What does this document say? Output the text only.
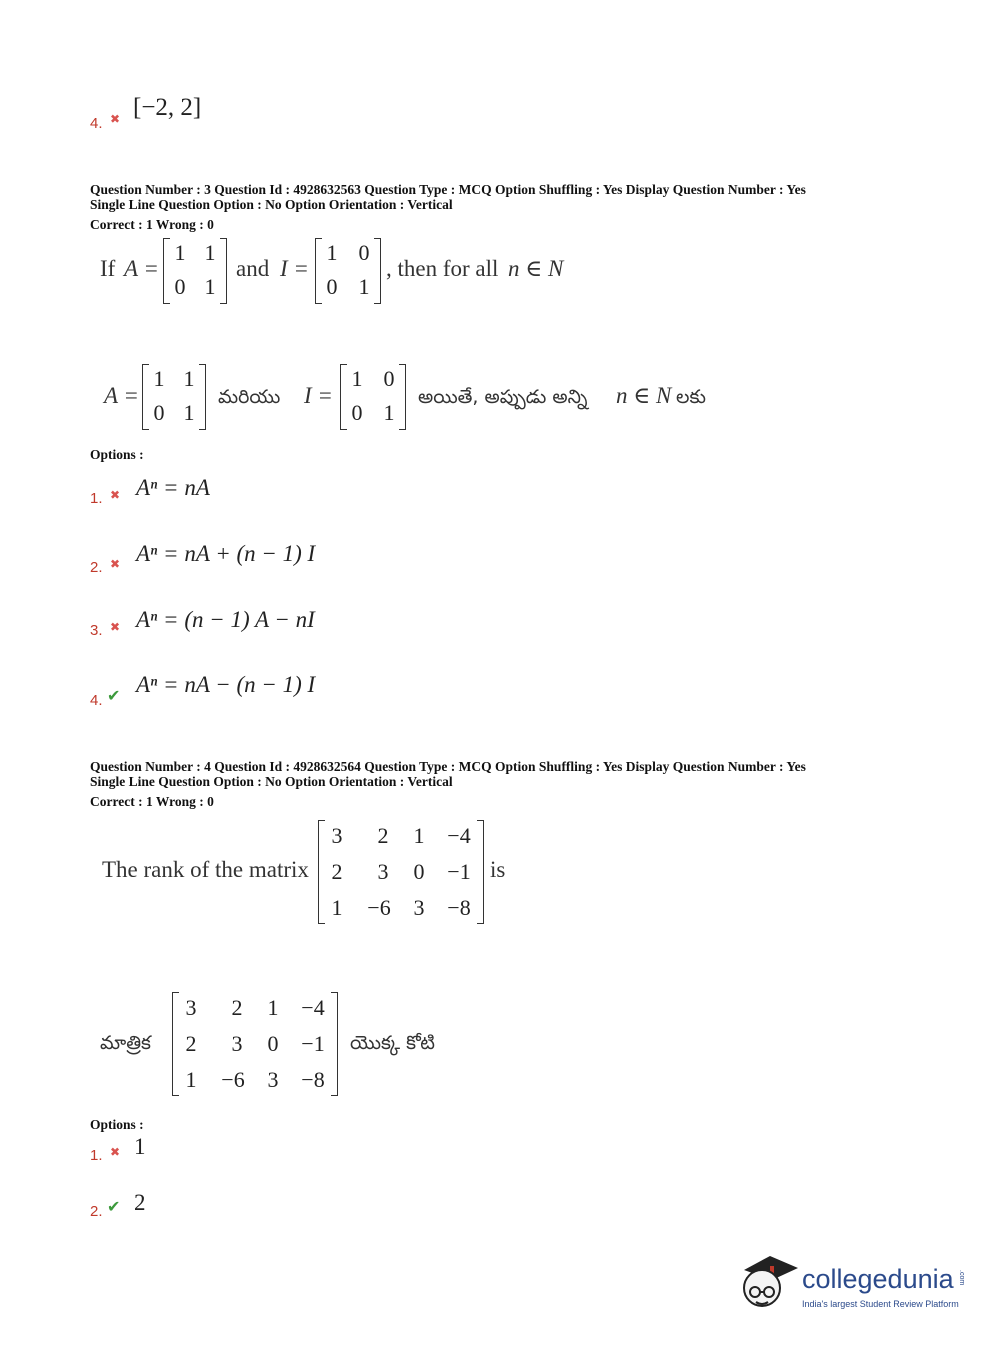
4. ✖ [−2, 2]
Question Number : 3 Question Id : 4928632563 Question Type : MCQ Option Shuffling : Yes Display Question Number : Yes
Single Line Question Option : No Option Orientation : Vertical
Correct : 1 Wrong : 0
If A =
1 1
0 1
and I =
1 0
0 1
, then for all n ∈ N
A =
1 1
0 1
మరియు I =
1 0
0 1
అయితే, అప్పుడు అన్ని n ∈ N లకు
Options :
1. ✖ Aⁿ = nA
2. ✖ Aⁿ = nA + (n − 1) I
3. ✖ Aⁿ = (n − 1) A − nI
4. ✔ Aⁿ = nA − (n − 1) I
Question Number : 4 Question Id : 4928632564 Question Type : MCQ Option Shuffling : Yes Display Question Number : Yes
Single Line Question Option : No Option Orientation : Vertical
Correct : 1 Wrong : 0
The rank of the matrix
3	2	1	−4
2	3	0	−1
1	−6	3	−8
is
మాత్రిక
3	2	1	−4
2	3	0	−1
1	−6	3	−8
యొక్క కోటి
Options :
1. ✖ 1
2. ✔ 2
collegedunia .com
India's largest Student Review Platform
